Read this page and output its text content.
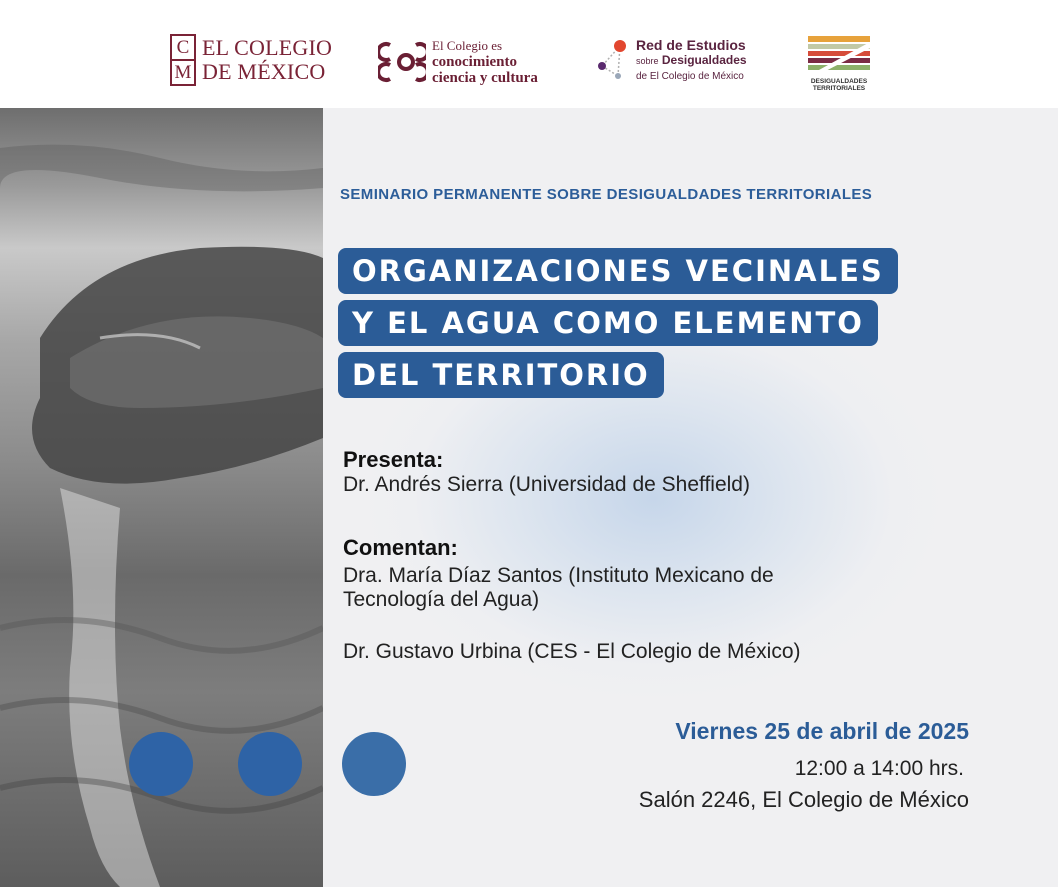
C
M
EL COLEGIO
DE MÉXICO
El Colegio es
conocimiento
ciencia y cultura
Red de Estudios
sobre Desigualdades
de El Colegio de México	DESIGUALDADES
TERRITORIALES
SEMINARIO PERMANENTE SOBRE DESIGUALDADES TERRITORIALES
ORGANIZACIONES VECINALES
Y EL AGUA COMO ELEMENTO
DEL TERRITORIO
Presenta:
Dr. Andrés Sierra (Universidad de Sheffield)
Comentan:
Dra. María Díaz Santos (Instituto Mexicano de
Tecnología del Agua)
Dr. Gustavo Urbina (CES - El Colegio de México)
Viernes 25 de abril de 2025
12:00 a 14:00 hrs.
Salón 2246, El Colegio de México
